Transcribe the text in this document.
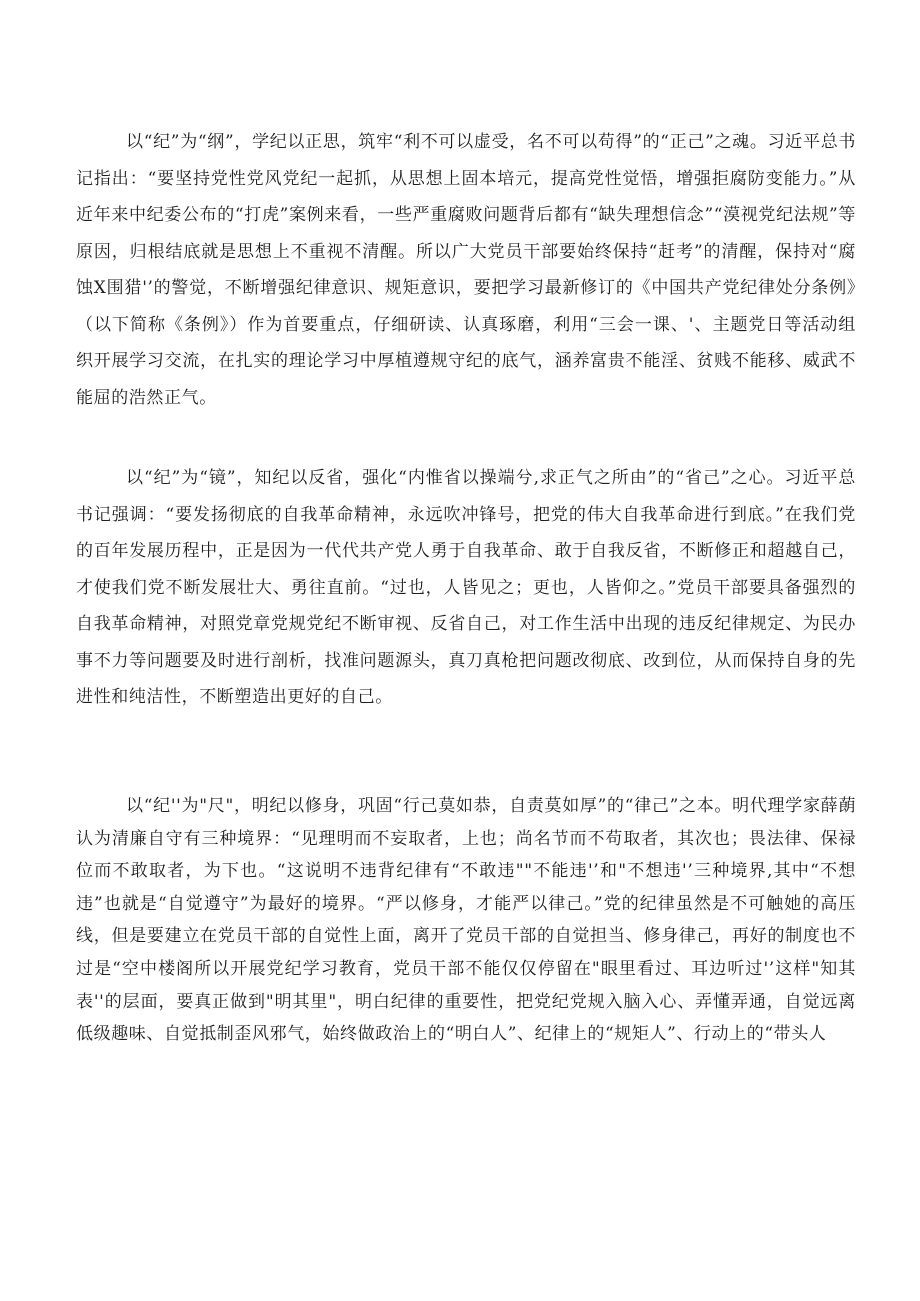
以“纪”为“纲”，学纪以正思，筑牢“利不可以虚受，名不可以苟得”的“正己”之魂。习近平总书记指出：“要坚持党性党风党纪一起抓，从思想上固本培元，提高党性觉悟，增强拒腐防变能力。”从近年来中纪委公布的“打虎”案例来看，一些严重腐败问题背后都有“缺失理想信念”“漠视党纪法规”等原因，归根结底就是思想上不重视不清醒。所以广大党员干部要始终保持“赶考”的清醒，保持对“腐蚀X围猎'’的警觉，不断增强纪律意识、规矩意识，要把学习最新修订的《中国共产党纪律处分条例》（以下简称《条例》）作为首要重点，仔细研读、认真琢磨，利用“三会一课、'、主题党日等活动组织开展学习交流，在扎实的理论学习中厚植遵规守纪的底气，涵养富贵不能淫、贫贱不能移、威武不能屈的浩然正气。

以“纪”为“镜”，知纪以反省，强化“内惟省以操端兮,求正气之所由”的“省己”之心。习近平总书记强调：“要发扬彻底的自我革命精神，永远吹冲锋号，把党的伟大自我革命进行到底。”在我们党的百年发展历程中，正是因为一代代共产党人勇于自我革命、敢于自我反省，不断修正和超越自己，才使我们党不断发展壮大、勇往直前。“过也，人皆见之；更也，人皆仰之。”党员干部要具备强烈的自我革命精神，对照党章党规党纪不断审视、反省自己，对工作生活中出现的违反纪律规定、为民办事不力等问题要及时进行剖析，找准问题源头，真刀真枪把问题改彻底、改到位，从而保持自身的先进性和纯洁性，不断塑造出更好的自己。

以“纪''为"尺"，明纪以修身，巩固“行己莫如恭，自责莫如厚”的“律己”之本。明代理学家薛蓢认为清廉自守有三种境界：“见理明而不妄取者，上也；尚名节而不苟取者，其次也；畏法律、保禄位而不敢取者，为下也。“这说明不违背纪律有“不敢违""不能违'’和"不想违'’三种境界,其中“不想违”也就是“自觉遵守”为最好的境界。“严以修身，才能严以律己。”党的纪律虽然是不可触她的高压线，但是要建立在党员干部的自觉性上面，离开了党员干部的自觉担当、修身律己，再好的制度也不过是“空中楼阁所以开展党纪学习教育，党员干部不能仅仅停留在"眼里看过、耳边听过'’这样"知其表''的层面，要真正做到"明其里"，明白纪律的重要性，把党纪党规入脑入心、弄懂弄通，自觉远离低级趣味、自觉抵制歪风邪气，始终做政治上的“明白人”、纪律上的“规矩人”、行动上的“带头人
